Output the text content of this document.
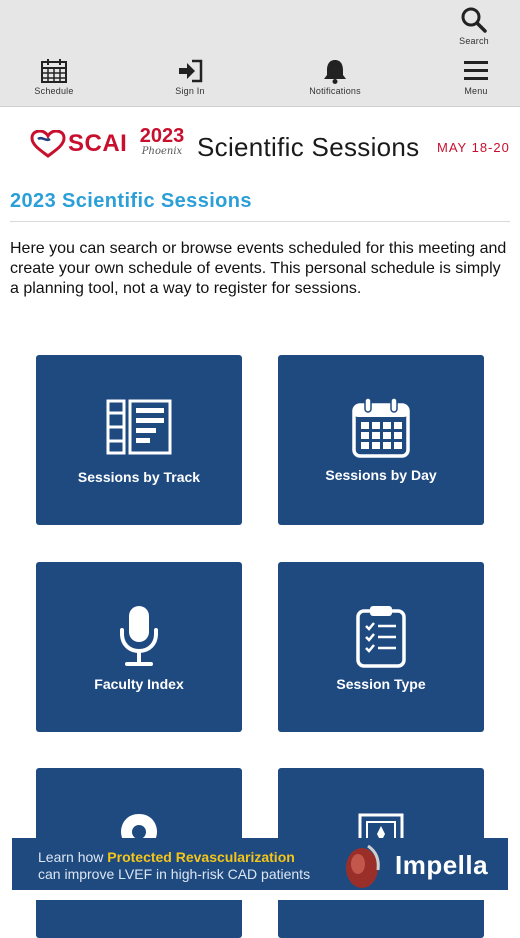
Search
Schedule	Sign In	Notifications	Menu
SCAI 2023
Phoenix Scientific Sessions MAY 18-20
2023 Scientific Sessions
Here you can search or browse events scheduled for this meeting and create your own schedule of events. This personal schedule is simply a planning tool, not a way to register for sessions.
Sessions by Track	Sessions by Day
Faculty Index	Session Type
Learn how Protected Revascularization
can improve LVEF in high-risk CAD patients	Impella
